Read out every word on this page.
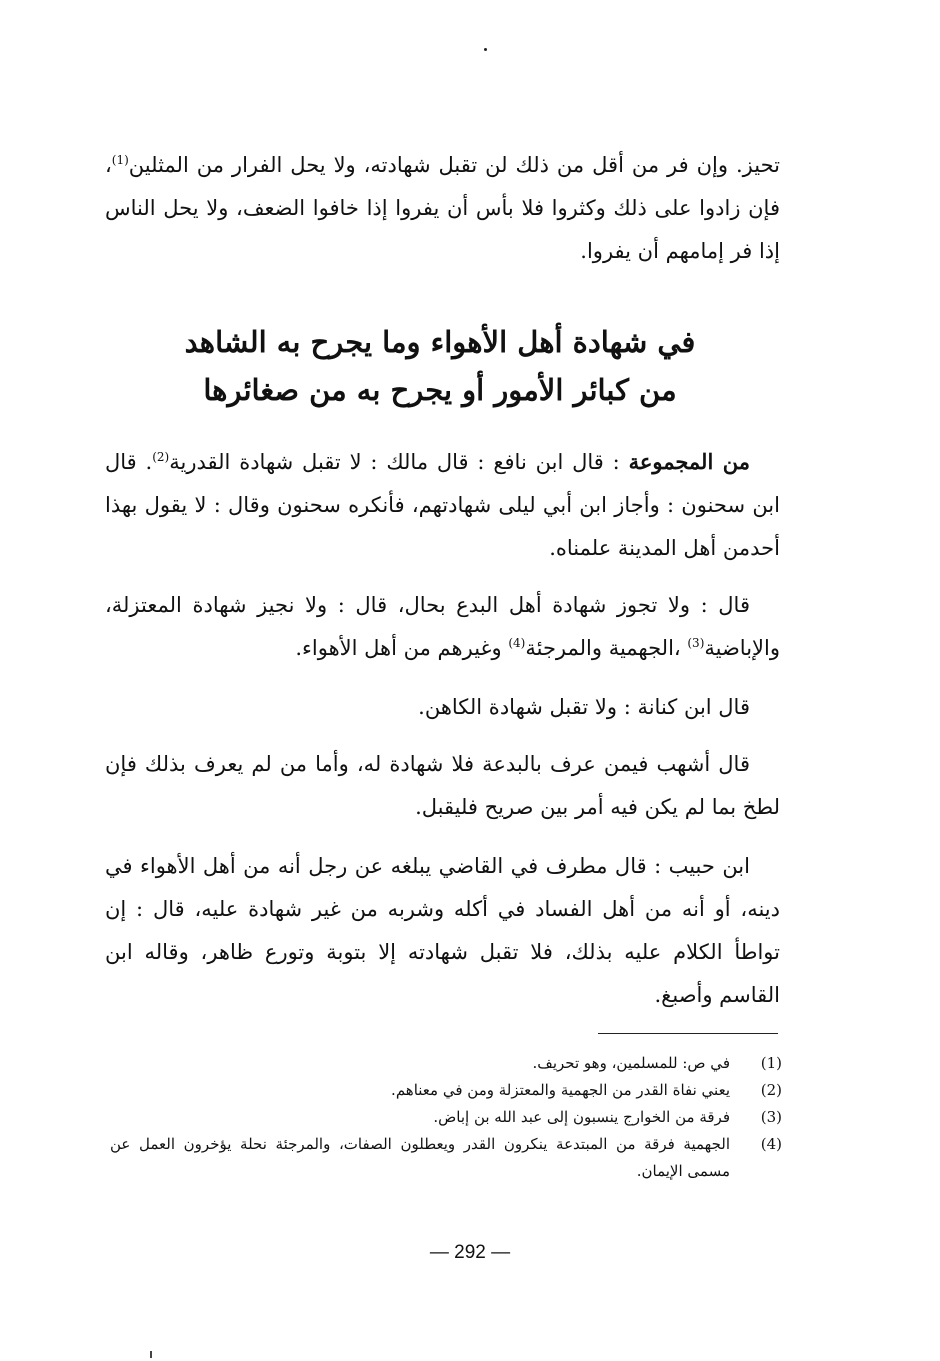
تحيز. وإن فر من أقل من ذلك لن تقبل شهادته، ولا يحل الفرار من المثلين$^{(1)}$، فإن زادوا على ذلك وكثروا فلا بأس أن يفروا إذا خافوا الضعف، ولا يحل الناس إذا فر إمامهم أن يفروا.

في شهادة أهل الأهواء وما يجرح به الشاهد
من كبائر الأمور أو يجرح به من صغائرها

من المجموعة : قال ابن نافع : قال مالك : لا تقبل شهادة القدرية$^{(2)}$. قال ابن سحنون : وأجاز ابن أبي ليلى شهادتهم، فأنكره سحنون وقال : لا يقول بهذا أحدمن أهل المدينة علمناه.

قال : ولا تجوز شهادة أهل البدع بحال، قال : ولا نجيز شهادة المعتزلة، والإباضية$^{(3)}$ ،الجهمية والمرجئة$^{(4)}$ وغيرهم من أهل الأهواء.

قال ابن كنانة : ولا تقبل شهادة الكاهن.

قال أشهب فيمن عرف بالبدعة فلا شهادة له، وأما من لم يعرف بذلك فإن لطخ بما لم يكن فيه أمر بين صريح فليقبل.

ابن حبيب : قال مطرف في القاضي يبلغه عن رجل أنه من أهل الأهواء في دينه، أو أنه من أهل الفساد في أكله وشربه من غير شهادة عليه، قال : إن تواطأ الكلام عليه بذلك، فلا تقبل شهادته إلا بتوبة وتورع ظاهر، وقاله ابن القاسم وأصبغ.

(1)
في ص: للمسلمين، وهو تحريف.
(2)
يعني نفاة القدر من الجهمية والمعتزلة ومن في معناهم.
(3)
فرقة من الخوارج ينسبون إلى عبد الله بن إباض.
(4)
الجهمية فرقة من المبتدعة ينكرون القدر ويعطلون الصفات، والمرجئة نحلة يؤخرون العمل عن مسمى الإيمان.
— 292 —
